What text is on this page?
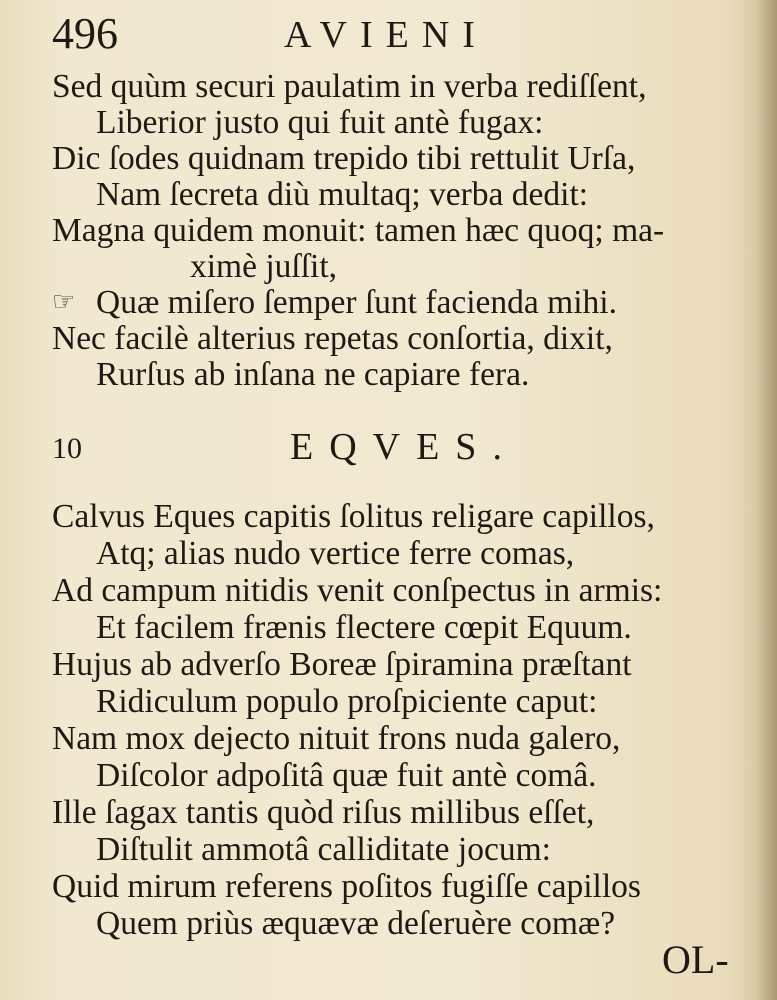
496	AVIENI
Sed quùm securi paulatim in verba rediſſent,
Liberior justo qui fuit antè fugax:
Dic ſodes quidnam trepido tibi rettulit Urſa,
Nam ſecreta diù multaq; verba dedit:
Magna quidem monuit: tamen hæc quoq; ma-
ximè juſſit,
☞ Quæ miſero ſemper ſunt facienda mihi.
Nec facilè alterius repetas conſortia, dixit,
Rurſus ab inſana ne capiare fera.
10	EQVES.
Calvus Eques capitis ſolitus religare capillos,
Atq; alias nudo vertice ferre comas,
Ad campum nitidis venit conſpectus in armis:
Et facilem frænis flectere cœpit Equum.
Hujus ab adverſo Boreæ ſpiramina præſtant
Ridiculum populo proſpiciente caput:
Nam mox dejecto nituit frons nuda galero,
Diſcolor adpoſitâ quæ fuit antè comâ.
Ille ſagax tantis quòd riſus millibus eſſet,
Diſtulit ammotâ calliditate jocum:
Quid mirum referens poſitos fugiſſe capillos
Quem priùs æquævæ deſeruère comæ?
OL-
